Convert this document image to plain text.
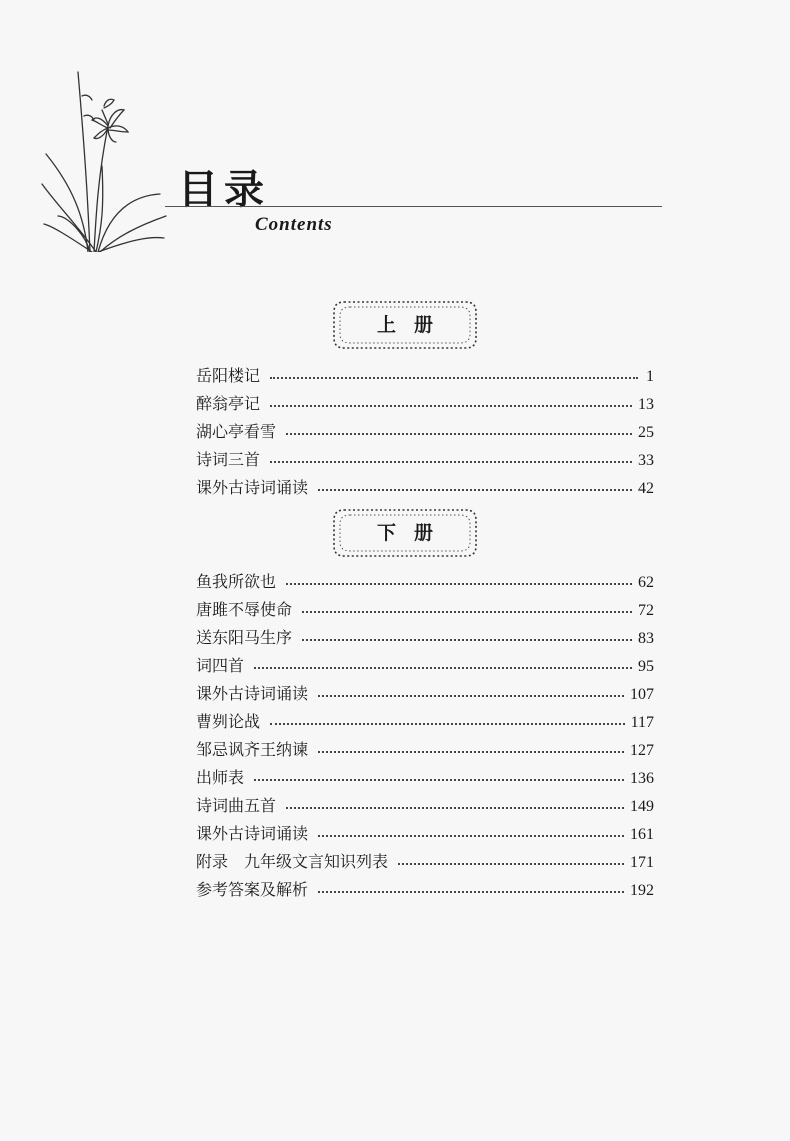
目录
Contents
上册
岳阳楼记	1
醉翁亭记	13
湖心亭看雪	25
诗词三首	33
课外古诗词诵读	42
下册
鱼我所欲也	62
唐雎不辱使命	72
送东阳马生序	83
词四首	95
课外古诗词诵读	107
曹刿论战	117
邹忌讽齐王纳谏	127
出师表	136
诗词曲五首	149
课外古诗词诵读	161
附录　九年级文言知识列表	171
参考答案及解析	192
